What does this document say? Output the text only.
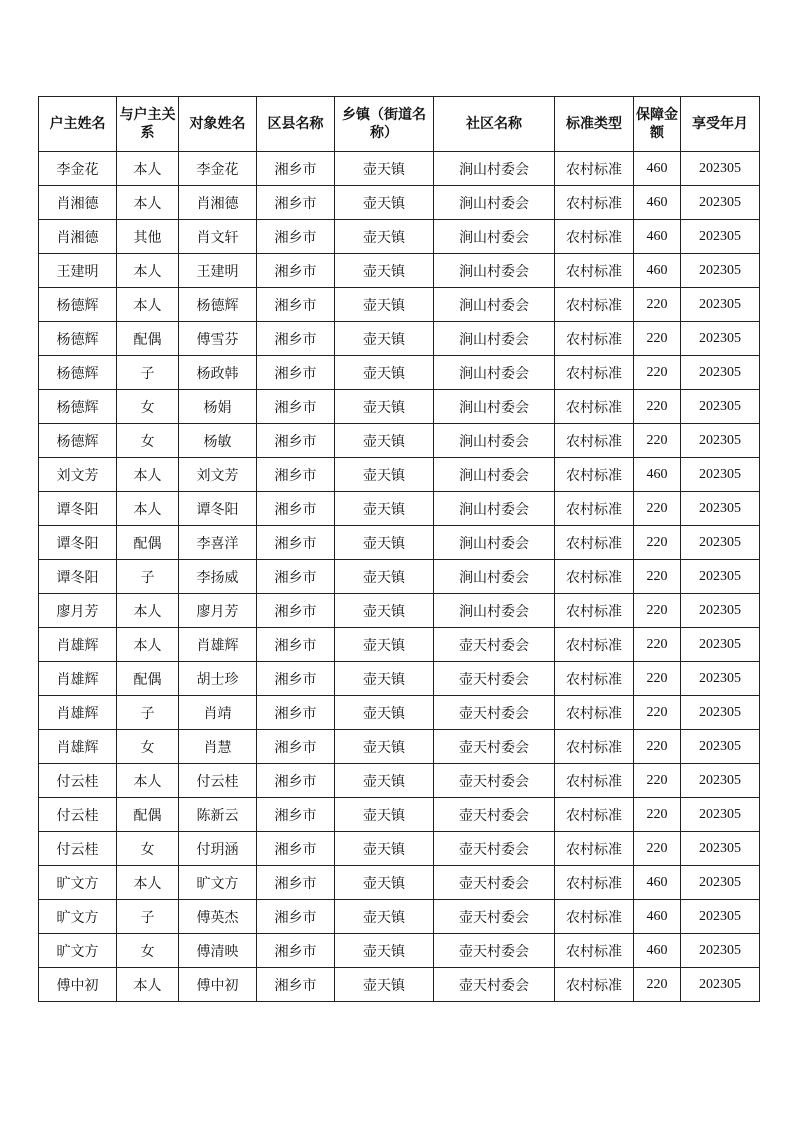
户主姓名	与户主关系	对象姓名	区县名称	乡镇（街道名称）	社区名称	标准类型	保障金额	享受年月
李金花	本人	李金花	湘乡市	壶天镇	涧山村委会	农村标准	460	202305
肖湘德	本人	肖湘德	湘乡市	壶天镇	涧山村委会	农村标准	460	202305
肖湘德	其他	肖文轩	湘乡市	壶天镇	涧山村委会	农村标准	460	202305
王建明	本人	王建明	湘乡市	壶天镇	涧山村委会	农村标准	460	202305
杨德辉	本人	杨德辉	湘乡市	壶天镇	涧山村委会	农村标准	220	202305
杨德辉	配偶	傅雪芬	湘乡市	壶天镇	涧山村委会	农村标准	220	202305
杨德辉	子	杨政韩	湘乡市	壶天镇	涧山村委会	农村标准	220	202305
杨德辉	女	杨娟	湘乡市	壶天镇	涧山村委会	农村标准	220	202305
杨德辉	女	杨敏	湘乡市	壶天镇	涧山村委会	农村标准	220	202305
刘文芳	本人	刘文芳	湘乡市	壶天镇	涧山村委会	农村标准	460	202305
谭冬阳	本人	谭冬阳	湘乡市	壶天镇	涧山村委会	农村标准	220	202305
谭冬阳	配偶	李喜洋	湘乡市	壶天镇	涧山村委会	农村标准	220	202305
谭冬阳	子	李扬威	湘乡市	壶天镇	涧山村委会	农村标准	220	202305
廖月芳	本人	廖月芳	湘乡市	壶天镇	涧山村委会	农村标准	220	202305
肖雄辉	本人	肖雄辉	湘乡市	壶天镇	壶天村委会	农村标准	220	202305
肖雄辉	配偶	胡士珍	湘乡市	壶天镇	壶天村委会	农村标准	220	202305
肖雄辉	子	肖靖	湘乡市	壶天镇	壶天村委会	农村标准	220	202305
肖雄辉	女	肖慧	湘乡市	壶天镇	壶天村委会	农村标准	220	202305
付云桂	本人	付云桂	湘乡市	壶天镇	壶天村委会	农村标准	220	202305
付云桂	配偶	陈新云	湘乡市	壶天镇	壶天村委会	农村标准	220	202305
付云桂	女	付玥涵	湘乡市	壶天镇	壶天村委会	农村标准	220	202305
旷文方	本人	旷文方	湘乡市	壶天镇	壶天村委会	农村标准	460	202305
旷文方	子	傅英杰	湘乡市	壶天镇	壶天村委会	农村标准	460	202305
旷文方	女	傅清映	湘乡市	壶天镇	壶天村委会	农村标准	460	202305
傅中初	本人	傅中初	湘乡市	壶天镇	壶天村委会	农村标准	220	202305
